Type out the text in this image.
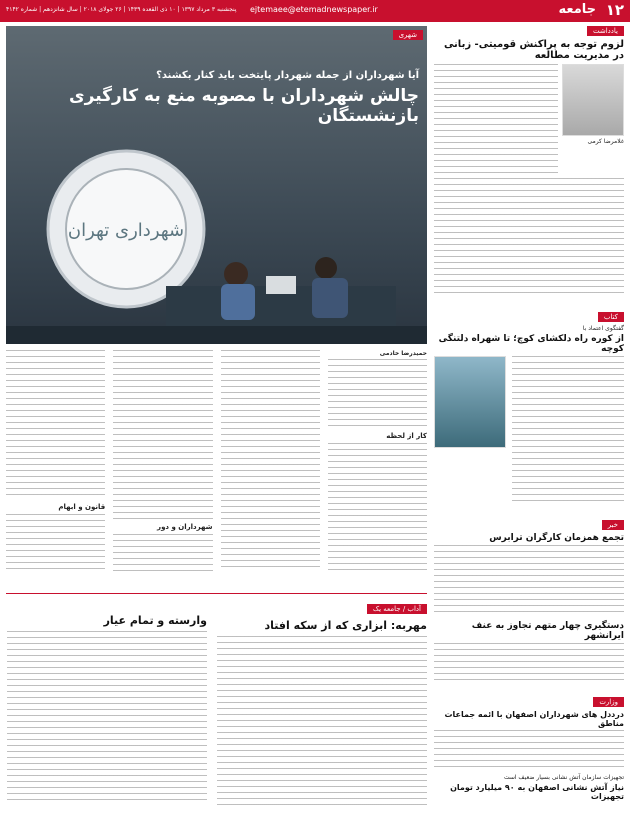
۱۲
جامعه
ejtemaee@etemadnewspaper.ir
پنجشنبه ۳ مرداد ۱۳۹۷ | ۱۰ ذی القعده ۱۴۳۹ | ۲۶ جولای ۲۰۱۸ | سال شانزدهم | شماره ۴۱۴۲
شهری
آیا شهرداران از جمله شهردار پایتخت باید کنار بکشند؟
چالش شهرداران با مصوبه منع به کارگیری بازنشستگان
شهرداری تهران
یادداشت
لزوم توجه به پراکنش قومیتی- زبانی در مدیریت مطالعه
غلامرضا کرمی
کتاب
گفتگوی اعتماد با
از کوره راه دلکشای کوچ؛ تا شهراه دلتنگی کوچه
خبر
تجمع همزمان کارگران ترابرس
دستگیری چهار متهم تجاوز به عنف ایرانشهر
وزارت
درددل های شهرداران اصفهان با ائمه جماعات مناطق
تجهیزات سازمان آتش نشانی بسیار ضعیف است
نیاز آتش نشانی اصفهان به ۹۰ میلیارد تومان تجهیزات
حمیدرضا خادمی
کار از لحظه
شهرداران و دور
قانون و ابهام
آداب / جامعه یک
مهربه: ابزاری که از سکه افتاد
وارسته و تمام عیار
